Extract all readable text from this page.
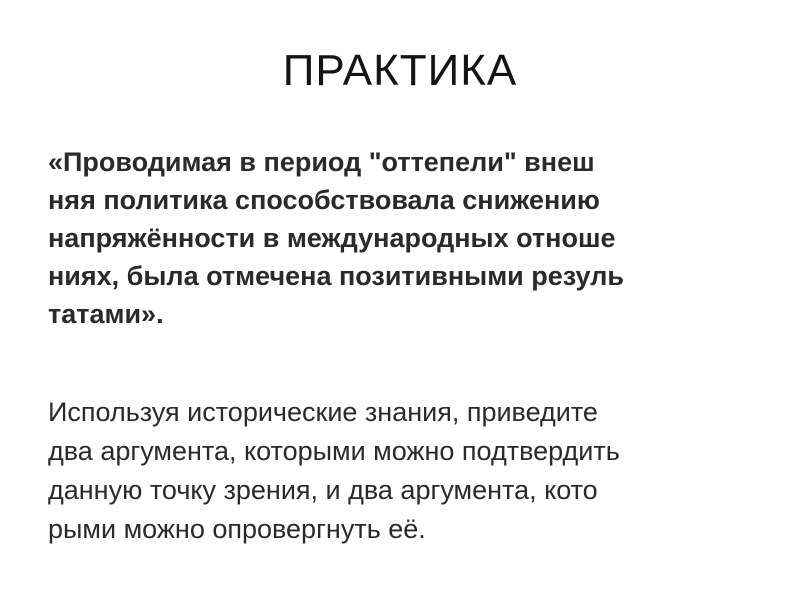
ПРАКТИКА
«Проводимая в период "оттепели" внеш
няя политика способствовала снижению
напряжённости в международных отноше
ниях, была отмечена позитивными резуль
татами».
Используя исторические знания, приведите
два аргумента, которыми можно подтвердить
данную точку зрения, и два аргумента, кото
рыми можно опровергнуть её.
